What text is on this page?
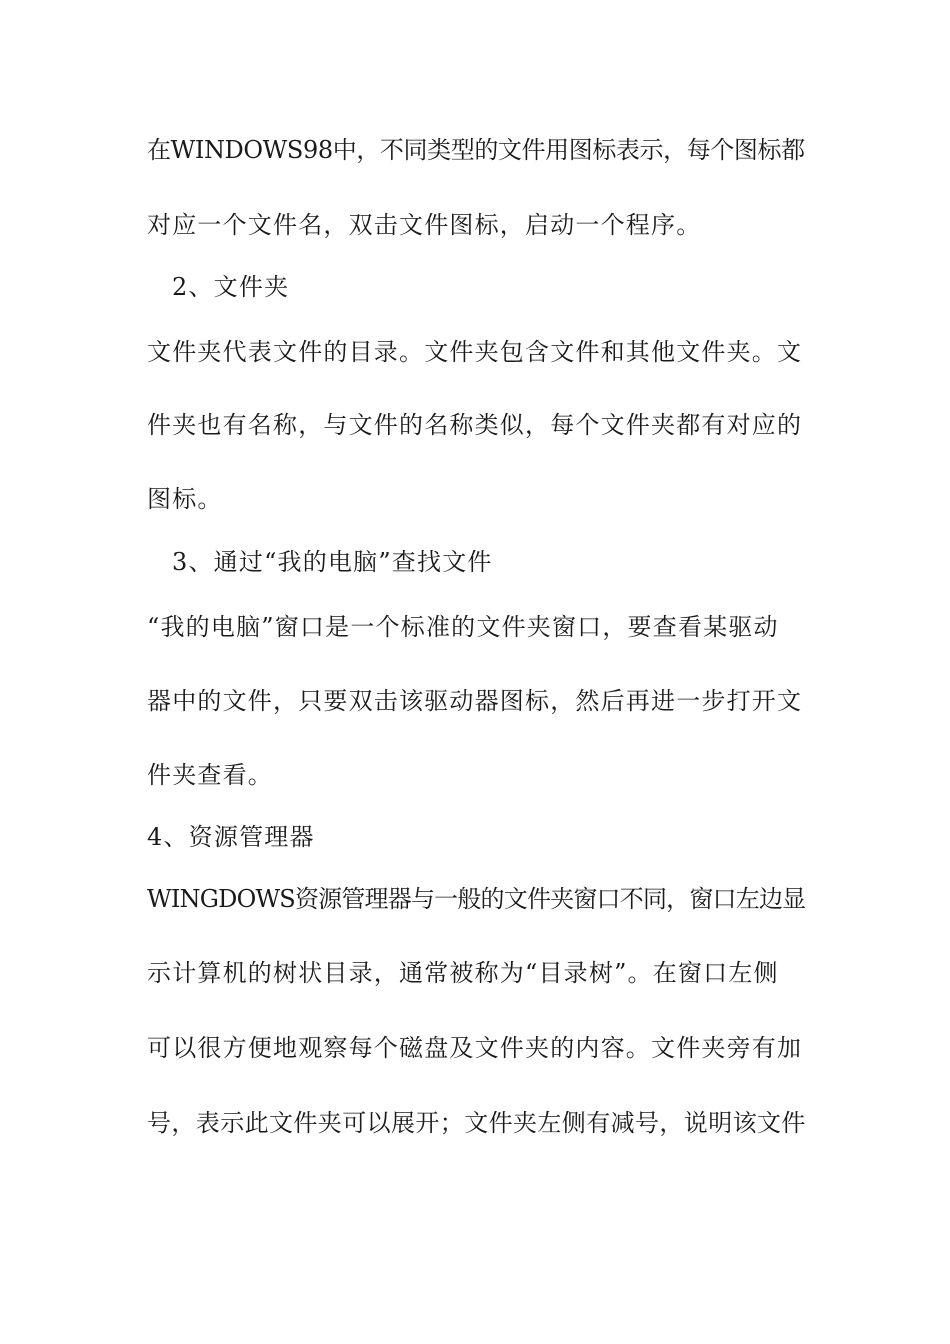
在WINDOWS98中，不同类型的文件用图标表示，每个图标都
对应一个文件名，双击文件图标，启动一个程序。
2、文件夹
文件夹代表文件的目录。文件夹包含文件和其他文件夹。文
件夹也有名称，与文件的名称类似，每个文件夹都有对应的
图标。
3、通过“我的电脑”查找文件
“我的电脑”窗口是一个标准的文件夹窗口，要查看某驱动
器中的文件，只要双击该驱动器图标，然后再进一步打开文
件夹查看。
4、资源管理器
WINGDOWS资源管理器与一般的文件夹窗口不同，窗口左边显
示计算机的树状目录，通常被称为“目录树”。在窗口左侧
可以很方便地观察每个磁盘及文件夹的内容。文件夹旁有加
号，表示此文件夹可以展开；文件夹左侧有减号，说明该文件
